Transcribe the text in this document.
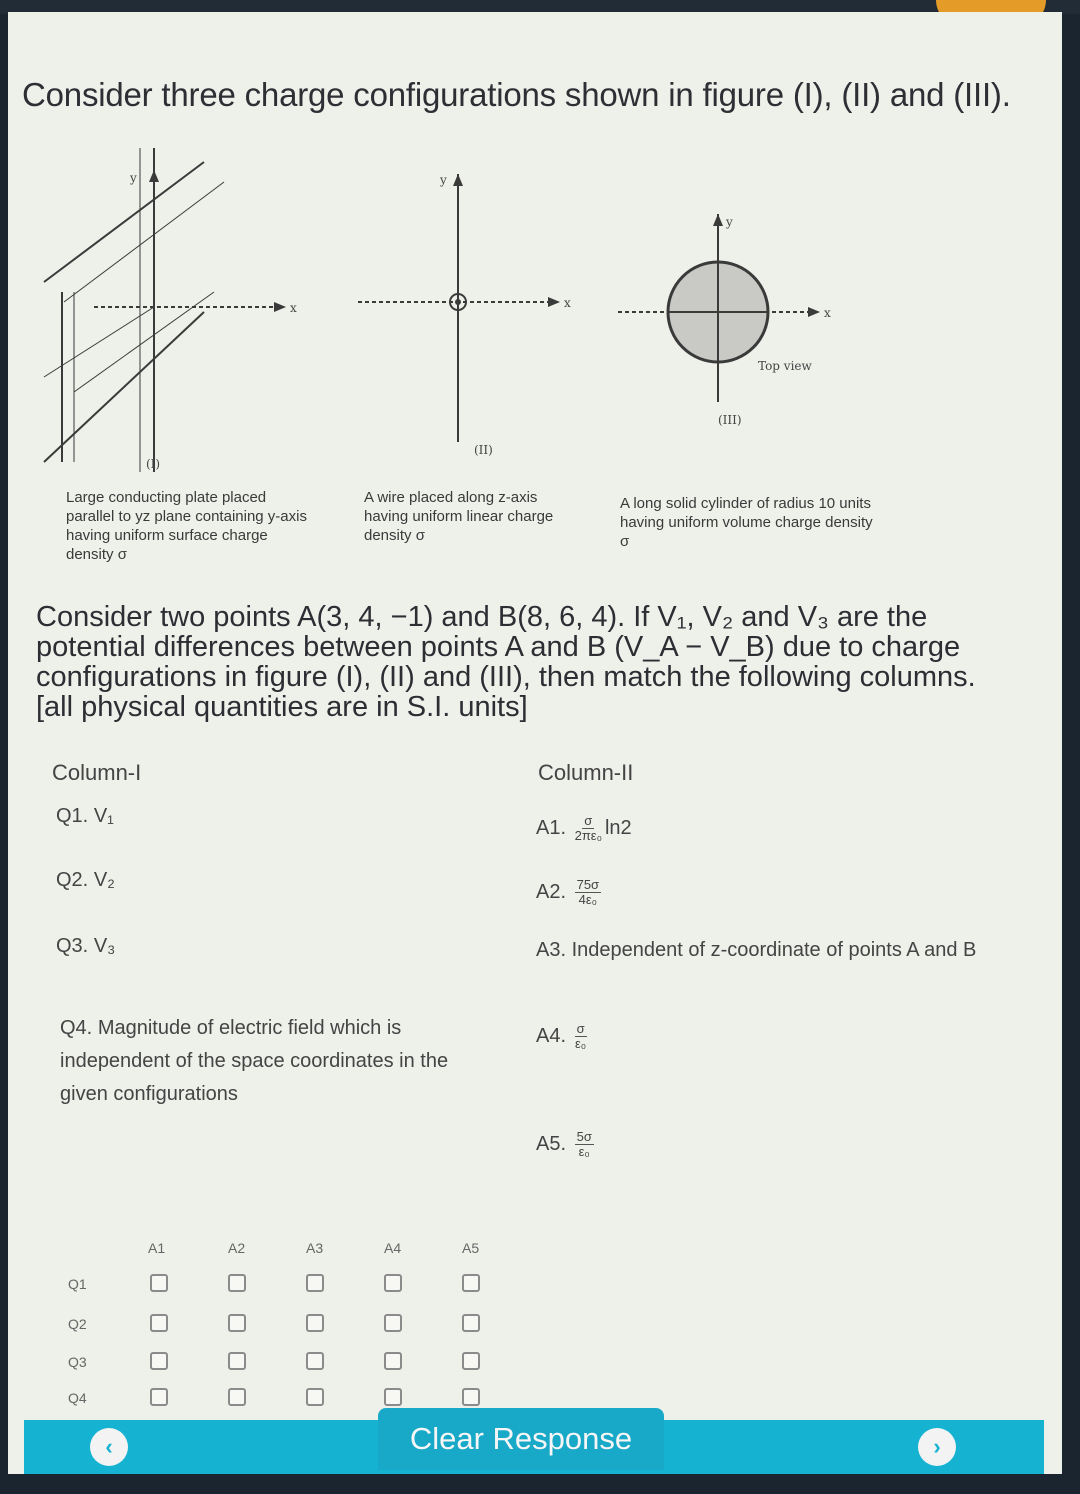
Consider three charge configurations shown in figure (I), (II) and (III).
y
x
(I)
Large conducting plate placed parallel to yz plane containing y-axis having uniform surface charge density σ
y
x
(II)
A wire placed along z-axis having uniform linear charge density σ
y
x
Top view
(III)
A long solid cylinder of radius 10 units having uniform volume charge density σ
Consider two points A(3, 4, −1) and B(8, 6, 4). If V₁, V₂ and V₃ are the potential differences between points A and B (V_A − V_B) due to charge configurations in figure (I), (II) and (III), then match the following columns. [all physical quantities are in S.I. units]
Column-I	Column-II
Q1. V₁
Q2. V₂
Q3. V₃
Q4. Magnitude of electric field which is independent of the space coordinates in the given configurations
A1. $\frac{\sigma}{\text{2πε₀}} \ln 2$
A2. $\frac{75\sigma}{\text{4ε₀}}$
A3. Independent of z-coordinate of points A and B
A4. $\frac{\sigma}{\text{ε₀}}$
A5. $\frac{5\sigma}{\text{ε₀}}$
A1	A2	A3	A4	A5
Q1
Q2
Q3
Q4
‹	Clear Response	›
